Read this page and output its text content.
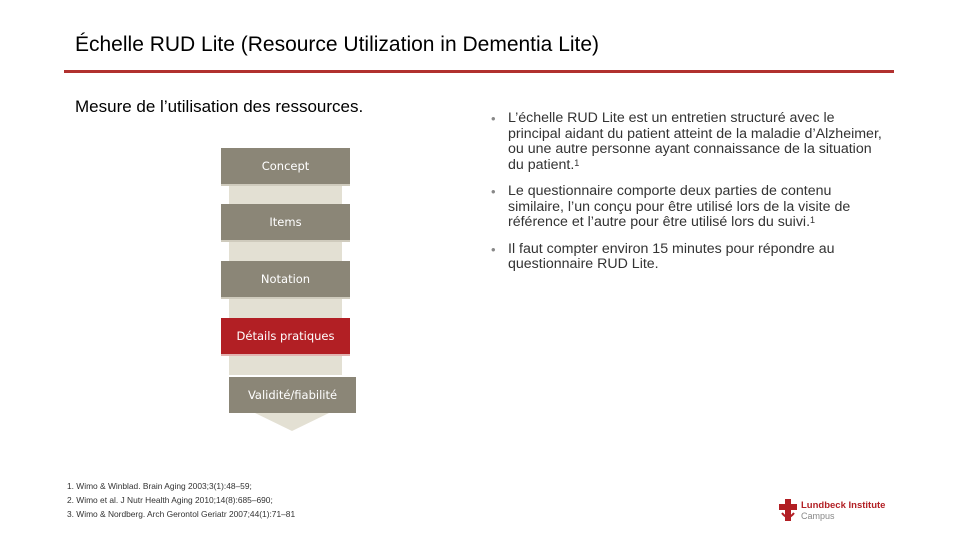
Échelle RUD Lite (Resource Utilization in Dementia Lite)
Mesure de l’utilisation des ressources.
Concept
Items
Notation
Détails pratiques
Validité/fiabilité
• L’échelle RUD Lite est un entretien structuré avec le principal aidant du patient atteint de la maladie d’Alzheimer, ou une autre personne ayant connaissance de la situation du patient.$^1$
• Le questionnaire comporte deux parties de contenu similaire, l’un conçu pour être utilisé lors de la visite de référence et l’autre pour être utilisé lors du suivi.$^1$
• Il faut compter environ 15 minutes pour répondre au questionnaire RUD Lite.
1. Wimo & Winblad. Brain Aging 2003;3(1):48–59;
2. Wimo et al. J Nutr Health Aging 2010;14(8):685–690;
3. Wimo & Nordberg. Arch Gerontol Geriatr 2007;44(1):71–81
Lundbeck Institute
Campus
